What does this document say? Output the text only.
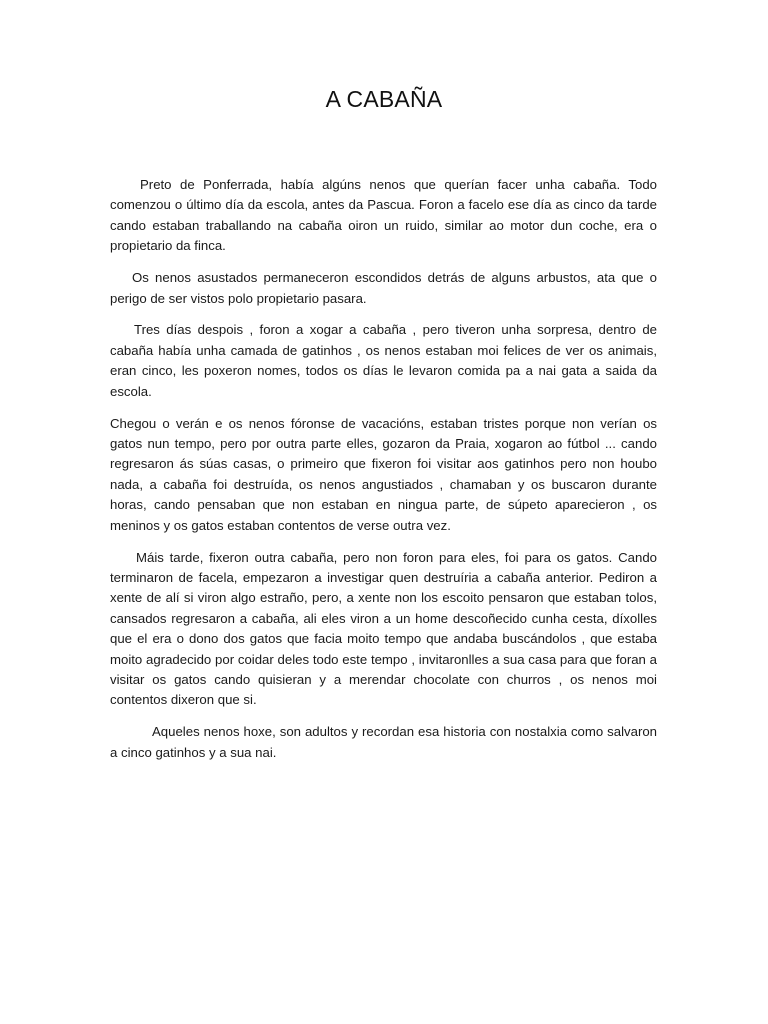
A CABAÑA

Preto de Ponferrada, había algúns nenos que querían facer unha cabaña. Todo comenzou o último día da escola, antes da Pascua. Foron a facelo ese día as cinco da tarde cando estaban traballando na cabaña oiron un ruido, similar ao motor dun coche, era o propietario da finca.

Os nenos asustados permaneceron escondidos detrás de alguns arbustos, ata que o perigo de ser vistos polo propietario pasara.

Tres días despois , foron a xogar a cabaña , pero tiveron unha sorpresa, dentro de cabaña había unha camada de gatinhos , os nenos estaban moi felices de ver os animais, eran cinco, les poxeron nomes, todos os días le levaron comida pa a nai gata a saida da escola.

Chegou o verán e os nenos fóronse de vacacións, estaban tristes porque non verían os gatos nun tempo, pero por outra parte elles, gozaron da Praia, xogaron ao fútbol ... cando regresaron ás súas casas, o primeiro que fixeron foi visitar aos gatinhos pero non houbo nada, a cabaña foi destruída, os nenos angustiados , chamaban y os buscaron durante horas, cando pensaban que non estaban en ningua parte, de súpeto aparecieron , os meninos y os gatos estaban contentos de verse outra vez.

Máis tarde, fixeron outra cabaña, pero non foron para eles, foi para os gatos. Cando terminaron de facela, empezaron a investigar quen destruíria a cabaña anterior. Pediron a xente de alí si viron algo estraño, pero, a xente non los escoito pensaron que estaban tolos, cansados regresaron a cabaña, ali eles viron a un home descoñecido cunha cesta, díxolles que el era o dono dos gatos que facia moito tempo que andaba buscándolos , que estaba moito agradecido por coidar deles todo este tempo , invitaronlles a sua casa para que foran a visitar os gatos cando quisieran y a merendar chocolate con churros , os nenos moi contentos dixeron que si.

Aqueles nenos hoxe, son adultos y recordan esa historia con nostalxia como salvaron a cinco gatinhos y a sua nai.
